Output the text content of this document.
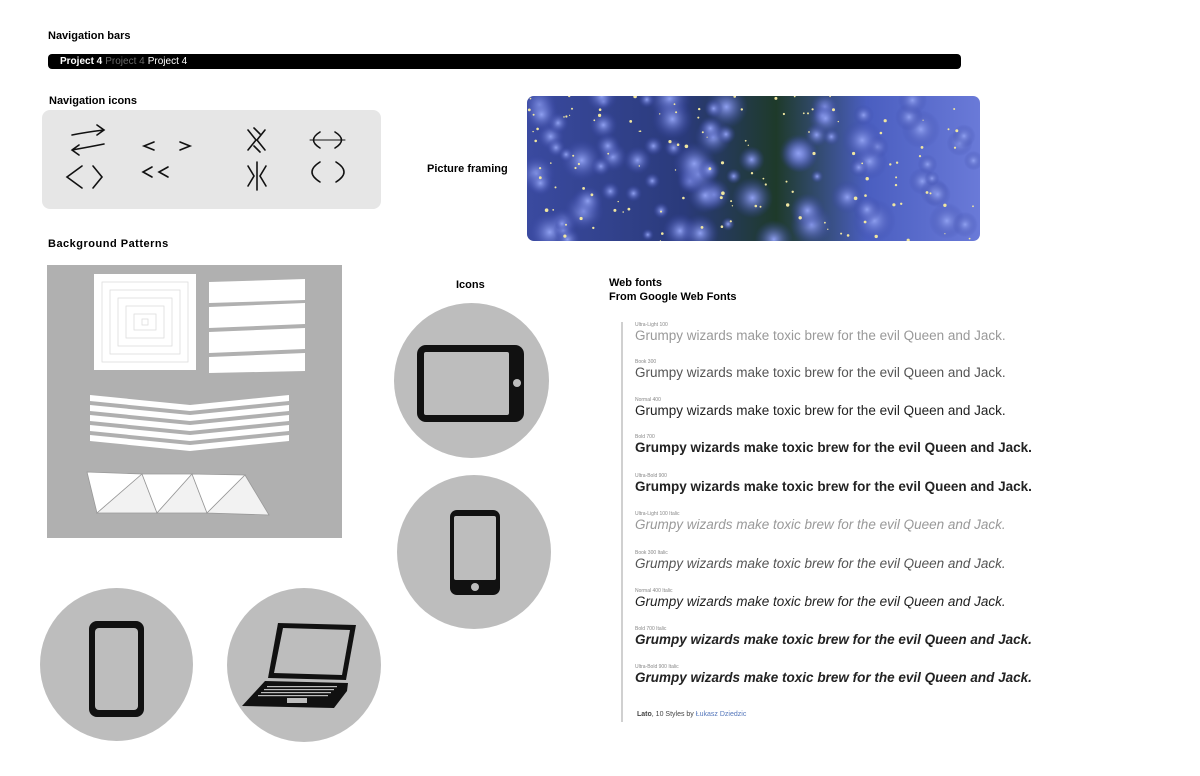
Navigation bars
Project 4 Project 4 Project 4
Navigation icons
Picture framing
Background Patterns
Icons	Web fonts
From Google Web Fonts
Ultra-Light 100
Grumpy wizards make toxic brew for the evil Queen and Jack.
Book 300
Grumpy wizards make toxic brew for the evil Queen and Jack.
Normal 400
Grumpy wizards make toxic brew for the evil Queen and Jack.
Bold 700
Grumpy wizards make toxic brew for the evil Queen and Jack.
Ultra-Bold 900
Grumpy wizards make toxic brew for the evil Queen and Jack.
Ultra-Light 100 Italic
Grumpy wizards make toxic brew for the evil Queen and Jack.
Book 300 Italic
Grumpy wizards make toxic brew for the evil Queen and Jack.
Normal 400 Italic
Grumpy wizards make toxic brew for the evil Queen and Jack.
Bold 700 Italic
Grumpy wizards make toxic brew for the evil Queen and Jack.
Ultra-Bold 900 Italic
Grumpy wizards make toxic brew for the evil Queen and Jack.
Lato, 10 Styles by Łukasz Dziedzic
